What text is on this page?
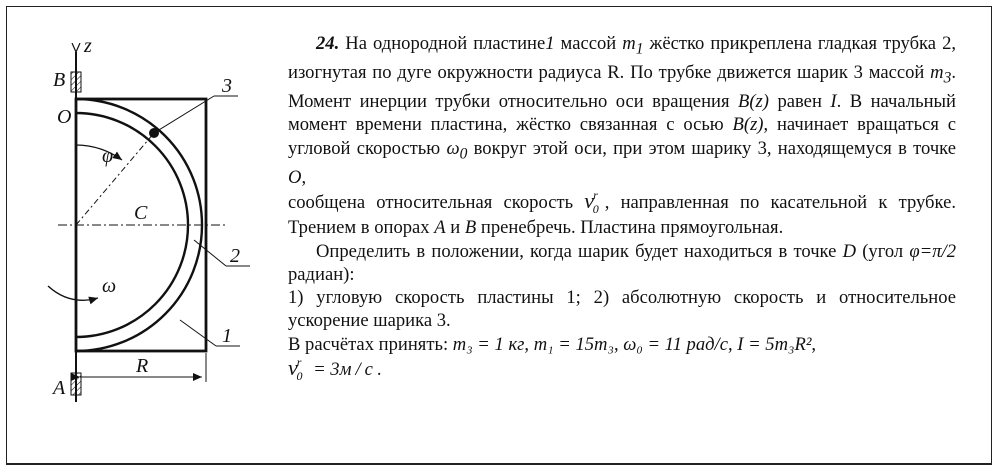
z
B
A
O
C
φ
ω
R
3
2
1

24. На однородной пластине1 массой $m_1$ жёстко прикреплена гладкая трубка 2, изогнутая по дуге окружности радиуса R. По трубке движется шарик 3 массой $m_3$. Момент инерции трубки относительно оси вращения B(z) равен I. В начальный момент времени пластина, жёстко связанная с осью B(z), начинает вращаться с угловой скоростью $\omega_0$ вокруг этой оси, при этом шарику 3, находящемуся в точке O,
сообщена относительная скорость $v^r_0$ , направленная по касательной к трубке. Трением в опорах A и B пренебречь. Пластина прямоугольная.

Определить в положении, когда шарик будет находиться в точке D (угол φ=π/2 радиан):

1) угловую скорость пластины 1; 2) абсолютную скорость и относительное ускорение шарика 3.

В расчётах принять: m₃ = 1 кг, m₁ = 15m₃, ω₀ = 11 рад/с, I = 5m₃R²,

$v^r_0 = 3м/с$.
